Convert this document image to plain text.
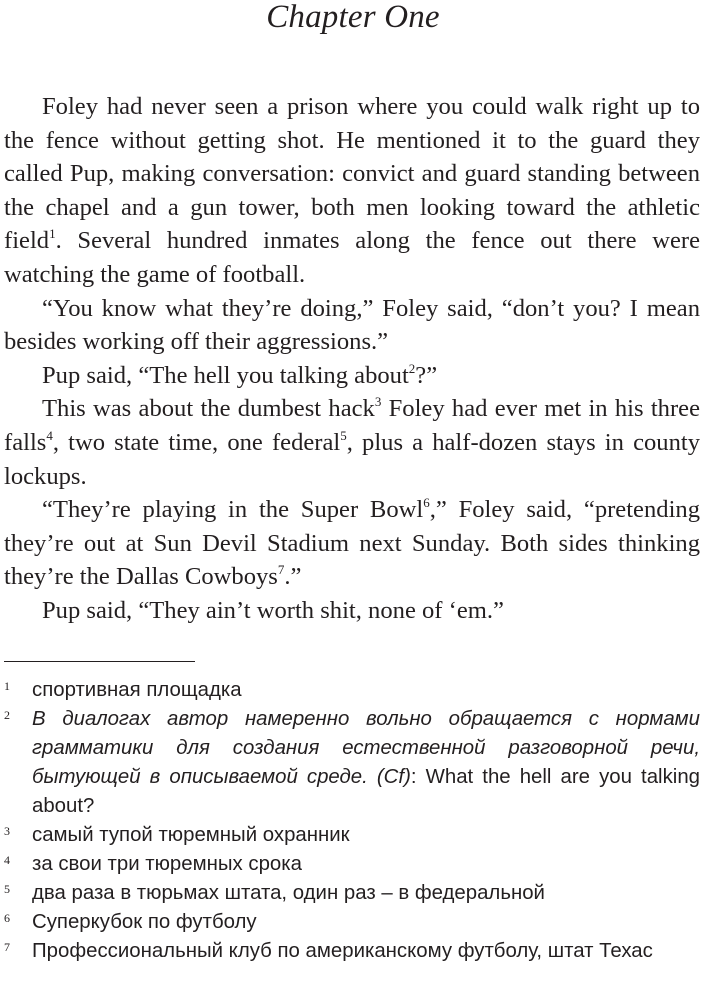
Chapter One

Foley had never seen a prison where you could walk right up to the fence without getting shot. He mentioned it to the guard they called Pup, making conversation: convict and guard standing between the chapel and a gun tower, both men looking toward the athletic field$^1$. Several hundred inmates along the fence out there were watching the game of football.

“You know what they’re doing,” Foley said, “don’t you? I mean besides working off their aggressions.”

Pup said, “The hell you talking about$^2$?”

This was about the dumbest hack$^3$ Foley had ever met in his three falls$^4$, two state time, one federal$^5$, plus a half-dozen stays in county lockups.

“They’re playing in the Super Bowl$^6$,” Foley said, “pretending they’re out at Sun Devil Stadium next Sunday. Both sides thinking they’re the Dallas Cowboys$^7$.”

Pup said, “They ain’t worth shit, none of ‘em.”

1 спортивная площадка
2 В диалогах автор намеренно вольно обращается с нормами грамматики для создания естественной разговорной речи, бытующей в описываемой среде. (Cf): What the hell are you talking about?
3 самый тупой тюремный охранник
4 за свои три тюремных срока
5 два раза в тюрьмах штата, один раз – в федеральной
6 Суперкубок по футболу
7 Профессиональный клуб по американскому футболу, штат Техас
